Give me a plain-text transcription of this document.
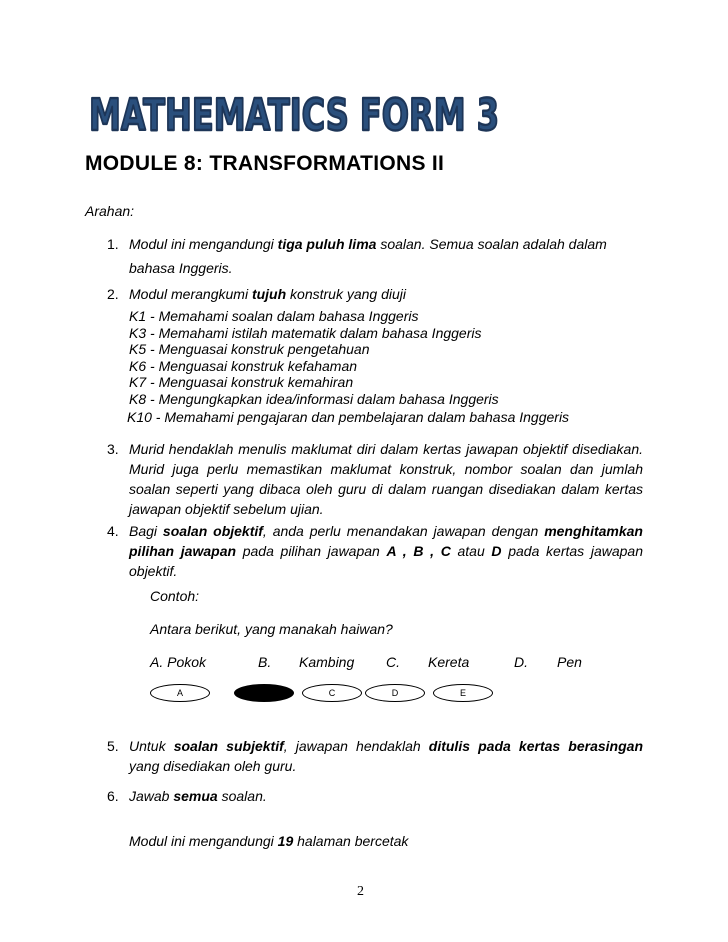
MATHEMATICS FORM 3
MODULE 8: TRANSFORMATIONS II
Arahan:
1. Modul ini mengandungi tiga puluh lima soalan. Semua soalan adalah dalam
bahasa Inggeris.
2. Modul merangkumi tujuh konstruk yang diuji
K1 - Memahami soalan dalam bahasa Inggeris
K3 - Memahami istilah matematik dalam bahasa Inggeris
K5 - Menguasai konstruk pengetahuan
K6 - Menguasai konstruk kefahaman
K7 - Menguasai konstruk kemahiran
K8 - Mengungkapkan idea/informasi dalam bahasa Inggeris
K10 - Memahami pengajaran dan pembelajaran dalam bahasa Inggeris
3. Murid hendaklah menulis maklumat diri dalam kertas jawapan objektif disediakan. Murid juga perlu memastikan maklumat konstruk, nombor soalan dan jumlah soalan seperti yang dibaca oleh guru di dalam ruangan disediakan dalam kertas jawapan objektif sebelum ujian.
4. Bagi soalan objektif, anda perlu menandakan jawapan dengan menghitamkan pilihan jawapan pada pilihan jawapan A , B , C atau D pada kertas jawapan objektif.
Contoh:
Antara berikut, yang manakah haiwan?
A. Pokok	B. Kambing C. Kereta	D. Pen
A	C	D	E
5. Untuk soalan subjektif, jawapan hendaklah ditulis pada kertas berasingan yang disediakan oleh guru.
6. Jawab semua soalan.
Modul ini mengandungi 19 halaman bercetak
2
